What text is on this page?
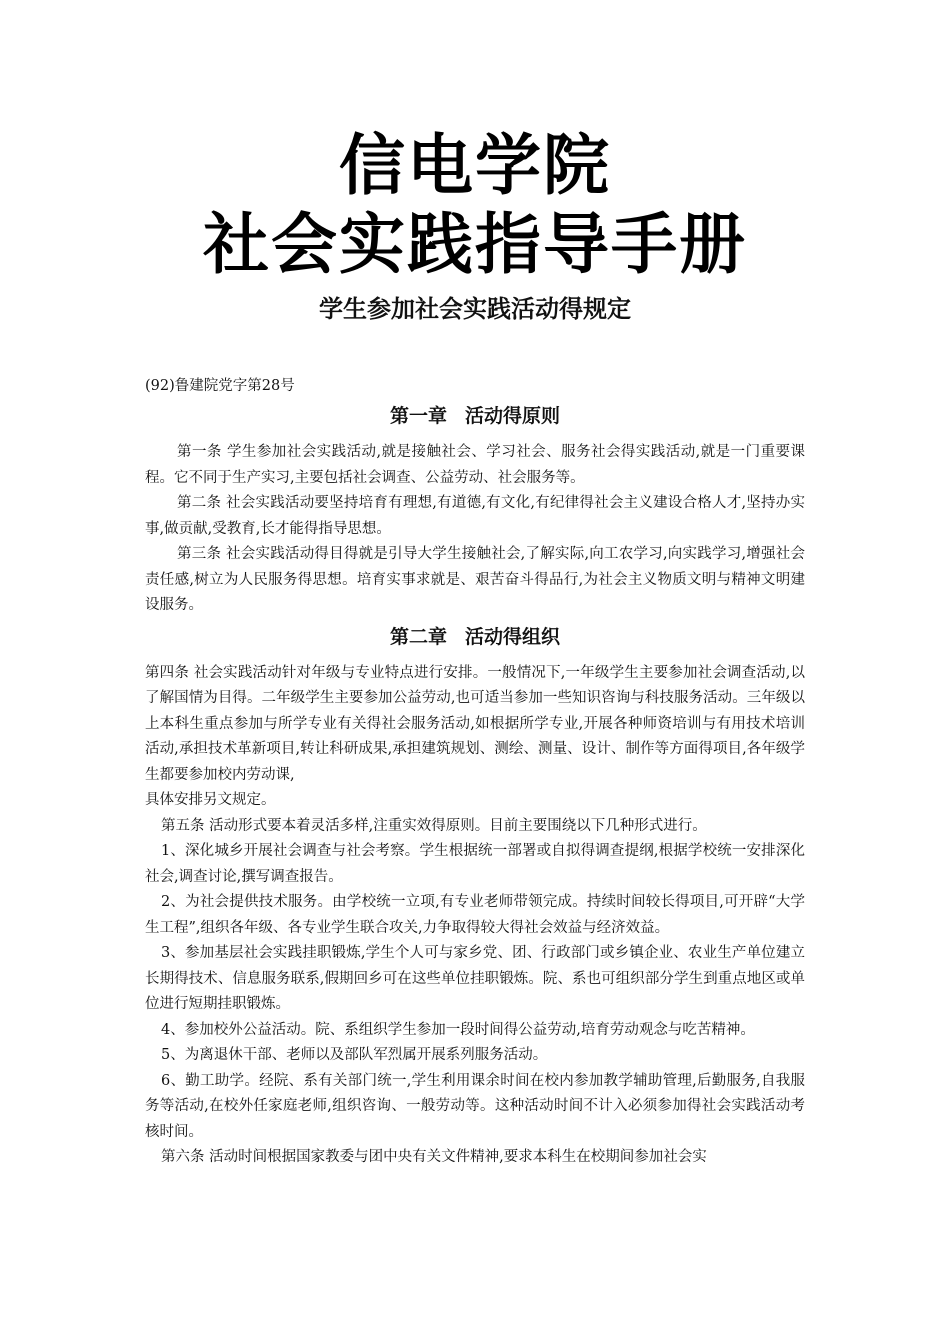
信电学院
社会实践指导手册
学生参加社会实践活动得规定

(92)鲁建院党字第28号

第一章 活动得原则

第一条 学生参加社会实践活动,就是接触社会、学习社会、服务社会得实践活动,就是一门重要课程。它不同于生产实习,主要包括社会调查、公益劳动、社会服务等。

第二条 社会实践活动要坚持培育有理想,有道德,有文化,有纪律得社会主义建设合格人才,坚持办实事,做贡献,受教育,长才能得指导思想。

第三条 社会实践活动得目得就是引导大学生接触社会,了解实际,向工农学习,向实践学习,增强社会责任感,树立为人民服务得思想。培育实事求就是、艰苦奋斗得品行,为社会主义物质文明与精神文明建设服务。

第二章 活动得组织

第四条 社会实践活动针对年级与专业特点进行安排。一般情况下,一年级学生主要参加社会调查活动,以了解国情为目得。二年级学生主要参加公益劳动,也可适当参加一些知识咨询与科技服务活动。三年级以上本科生重点参加与所学专业有关得社会服务活动,如根据所学专业,开展各种师资培训与有用技术培训活动,承担技术革新项目,转让科研成果,承担建筑规划、测绘、测量、设计、制作等方面得项目,各年级学生都要参加校内劳动课,

具体安排另文规定。

第五条 活动形式要本着灵活多样,注重实效得原则。目前主要围绕以下几种形式进行。

1、深化城乡开展社会调查与社会考察。学生根据统一部署或自拟得调查提纲,根据学校统一安排深化社会,调查讨论,撰写调查报告。

2、为社会提供技术服务。由学校统一立项,有专业老师带领完成。持续时间较长得项目,可开辟“大学生工程”,组织各年级、各专业学生联合攻关,力争取得较大得社会效益与经济效益。

3、参加基层社会实践挂职锻炼,学生个人可与家乡党、团、行政部门或乡镇企业、农业生产单位建立长期得技术、信息服务联系,假期回乡可在这些单位挂职锻炼。院、系也可组织部分学生到重点地区或单位进行短期挂职锻炼。

4、参加校外公益活动。院、系组织学生参加一段时间得公益劳动,培育劳动观念与吃苦精神。

5、为离退休干部、老师以及部队军烈属开展系列服务活动。

6、勤工助学。经院、系有关部门统一,学生利用课余时间在校内参加教学辅助管理,后勤服务,自我服务等活动,在校外任家庭老师,组织咨询、一般劳动等。这种活动时间不计入必须参加得社会实践活动考核时间。

第六条 活动时间根据国家教委与团中央有关文件精神,要求本科生在校期间参加社会实
